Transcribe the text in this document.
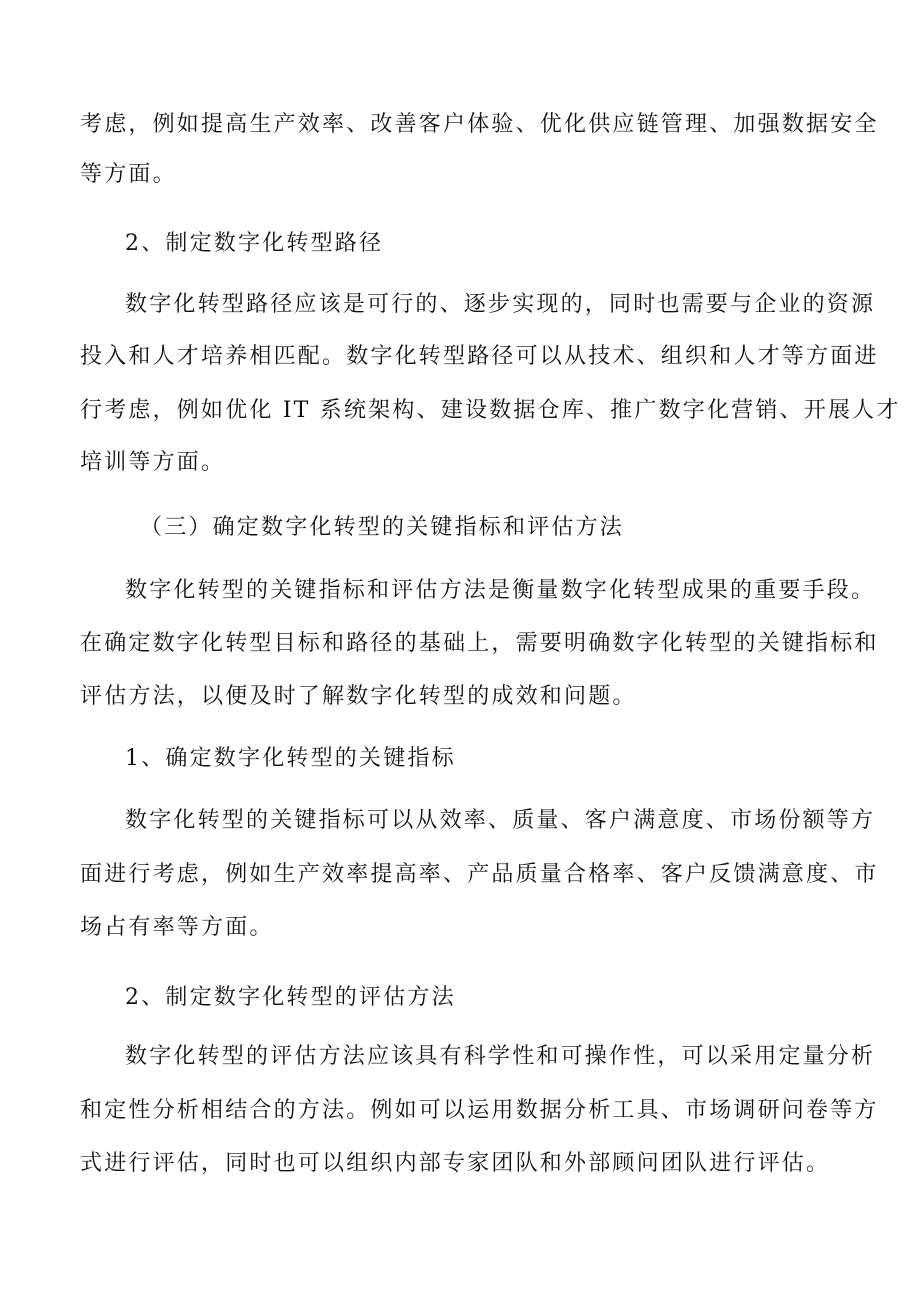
考虑，例如提高生产效率、改善客户体验、优化供应链管理、加强数据安全
等方面。
2、制定数字化转型路径
数字化转型路径应该是可行的、逐步实现的，同时也需要与企业的资源
投入和人才培养相匹配。数字化转型路径可以从技术、组织和人才等方面进
行考虑，例如优化 IT 系统架构、建设数据仓库、推广数字化营销、开展人才
培训等方面。
（三）确定数字化转型的关键指标和评估方法
数字化转型的关键指标和评估方法是衡量数字化转型成果的重要手段。
在确定数字化转型目标和路径的基础上，需要明确数字化转型的关键指标和
评估方法，以便及时了解数字化转型的成效和问题。
1、确定数字化转型的关键指标
数字化转型的关键指标可以从效率、质量、客户满意度、市场份额等方
面进行考虑，例如生产效率提高率、产品质量合格率、客户反馈满意度、市
场占有率等方面。
2、制定数字化转型的评估方法
数字化转型的评估方法应该具有科学性和可操作性，可以采用定量分析
和定性分析相结合的方法。例如可以运用数据分析工具、市场调研问卷等方
式进行评估，同时也可以组织内部专家团队和外部顾问团队进行评估。
